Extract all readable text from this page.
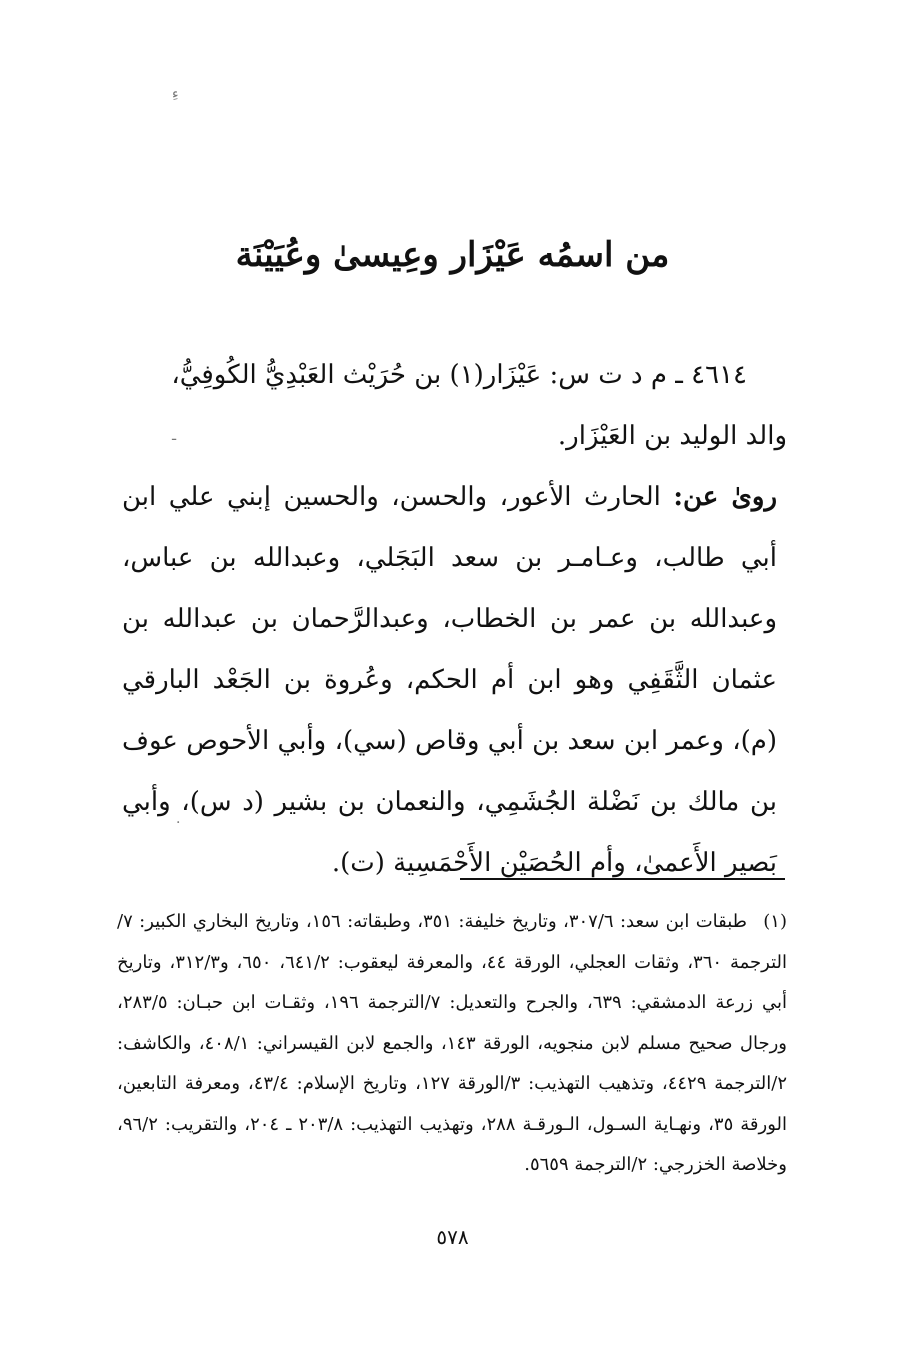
ءِ
ـ
·
من اسمُه عَيْزَار وعِيسىٰ وعُيَيْنَة

٤٦١٤ ـ م د ت س: عَيْزَار(١) بن حُرَيْث العَبْدِيُّ الكُوفِيُّ،

والد الوليد بن العَيْزَار.

روىٰ عن: الحارث الأعور، والحسن، والحسين إبني علي ابن أبي طالب، وعـامـر بن سعد البَجَلي، وعبدالله بن عباس، وعبدالله بن عمر بن الخطاب، وعبدالرَّحمان بن عبدالله بن عثمان الثَّقَفِي وهو ابن أم الحكم، وعُروة بن الجَعْد البارقي (م)، وعمر ابن سعد بن أبي وقاص (سي)، وأبي الأحوص عوف بن مالك بن نَضْلة الجُشَمِي، والنعمان بن بشير (د س)، وأبي بَصير الأَعمىٰ، وأم الحُصَيْن الأَحْمَسِية (ت).

(١)طبقات ابن سعد: ٣٠٧/٦، وتاريخ خليفة: ٣٥١، وطبقاته: ١٥٦، وتاريخ البخاري الكبير: ٧/الترجمة ٣٦٠، وثقات العجلي، الورقة ٤٤، والمعرفة ليعقوب: ٦٤١/٢، ٦٥٠، و٣١٢/٣، وتاريخ أبي زرعة الدمشقي: ٦٣٩، والجرح والتعديل: ٧/الترجمة ١٩٦، وثقـات ابن حبـان: ٢٨٣/٥، ورجال صحيح مسلم لابن منجويه، الورقة ١٤٣، والجمع لابن القيسراني: ٤٠٨/١، والكاشف: ٢/الترجمة ٤٤٢٩، وتذهيب التهذيب: ٣/الورقة ١٢٧، وتاريخ الإسلام: ٤٣/٤، ومعرفة التابعين، الورقة ٣٥، ونهـاية السـول، الـورقـة ٢٨٨، وتهذيب التهذيب: ٢٠٣/٨ ـ ٢٠٤، والتقريب: ٩٦/٢، وخلاصة الخزرجي: ٢/الترجمة ٥٦٥٩.
٥٧٨
